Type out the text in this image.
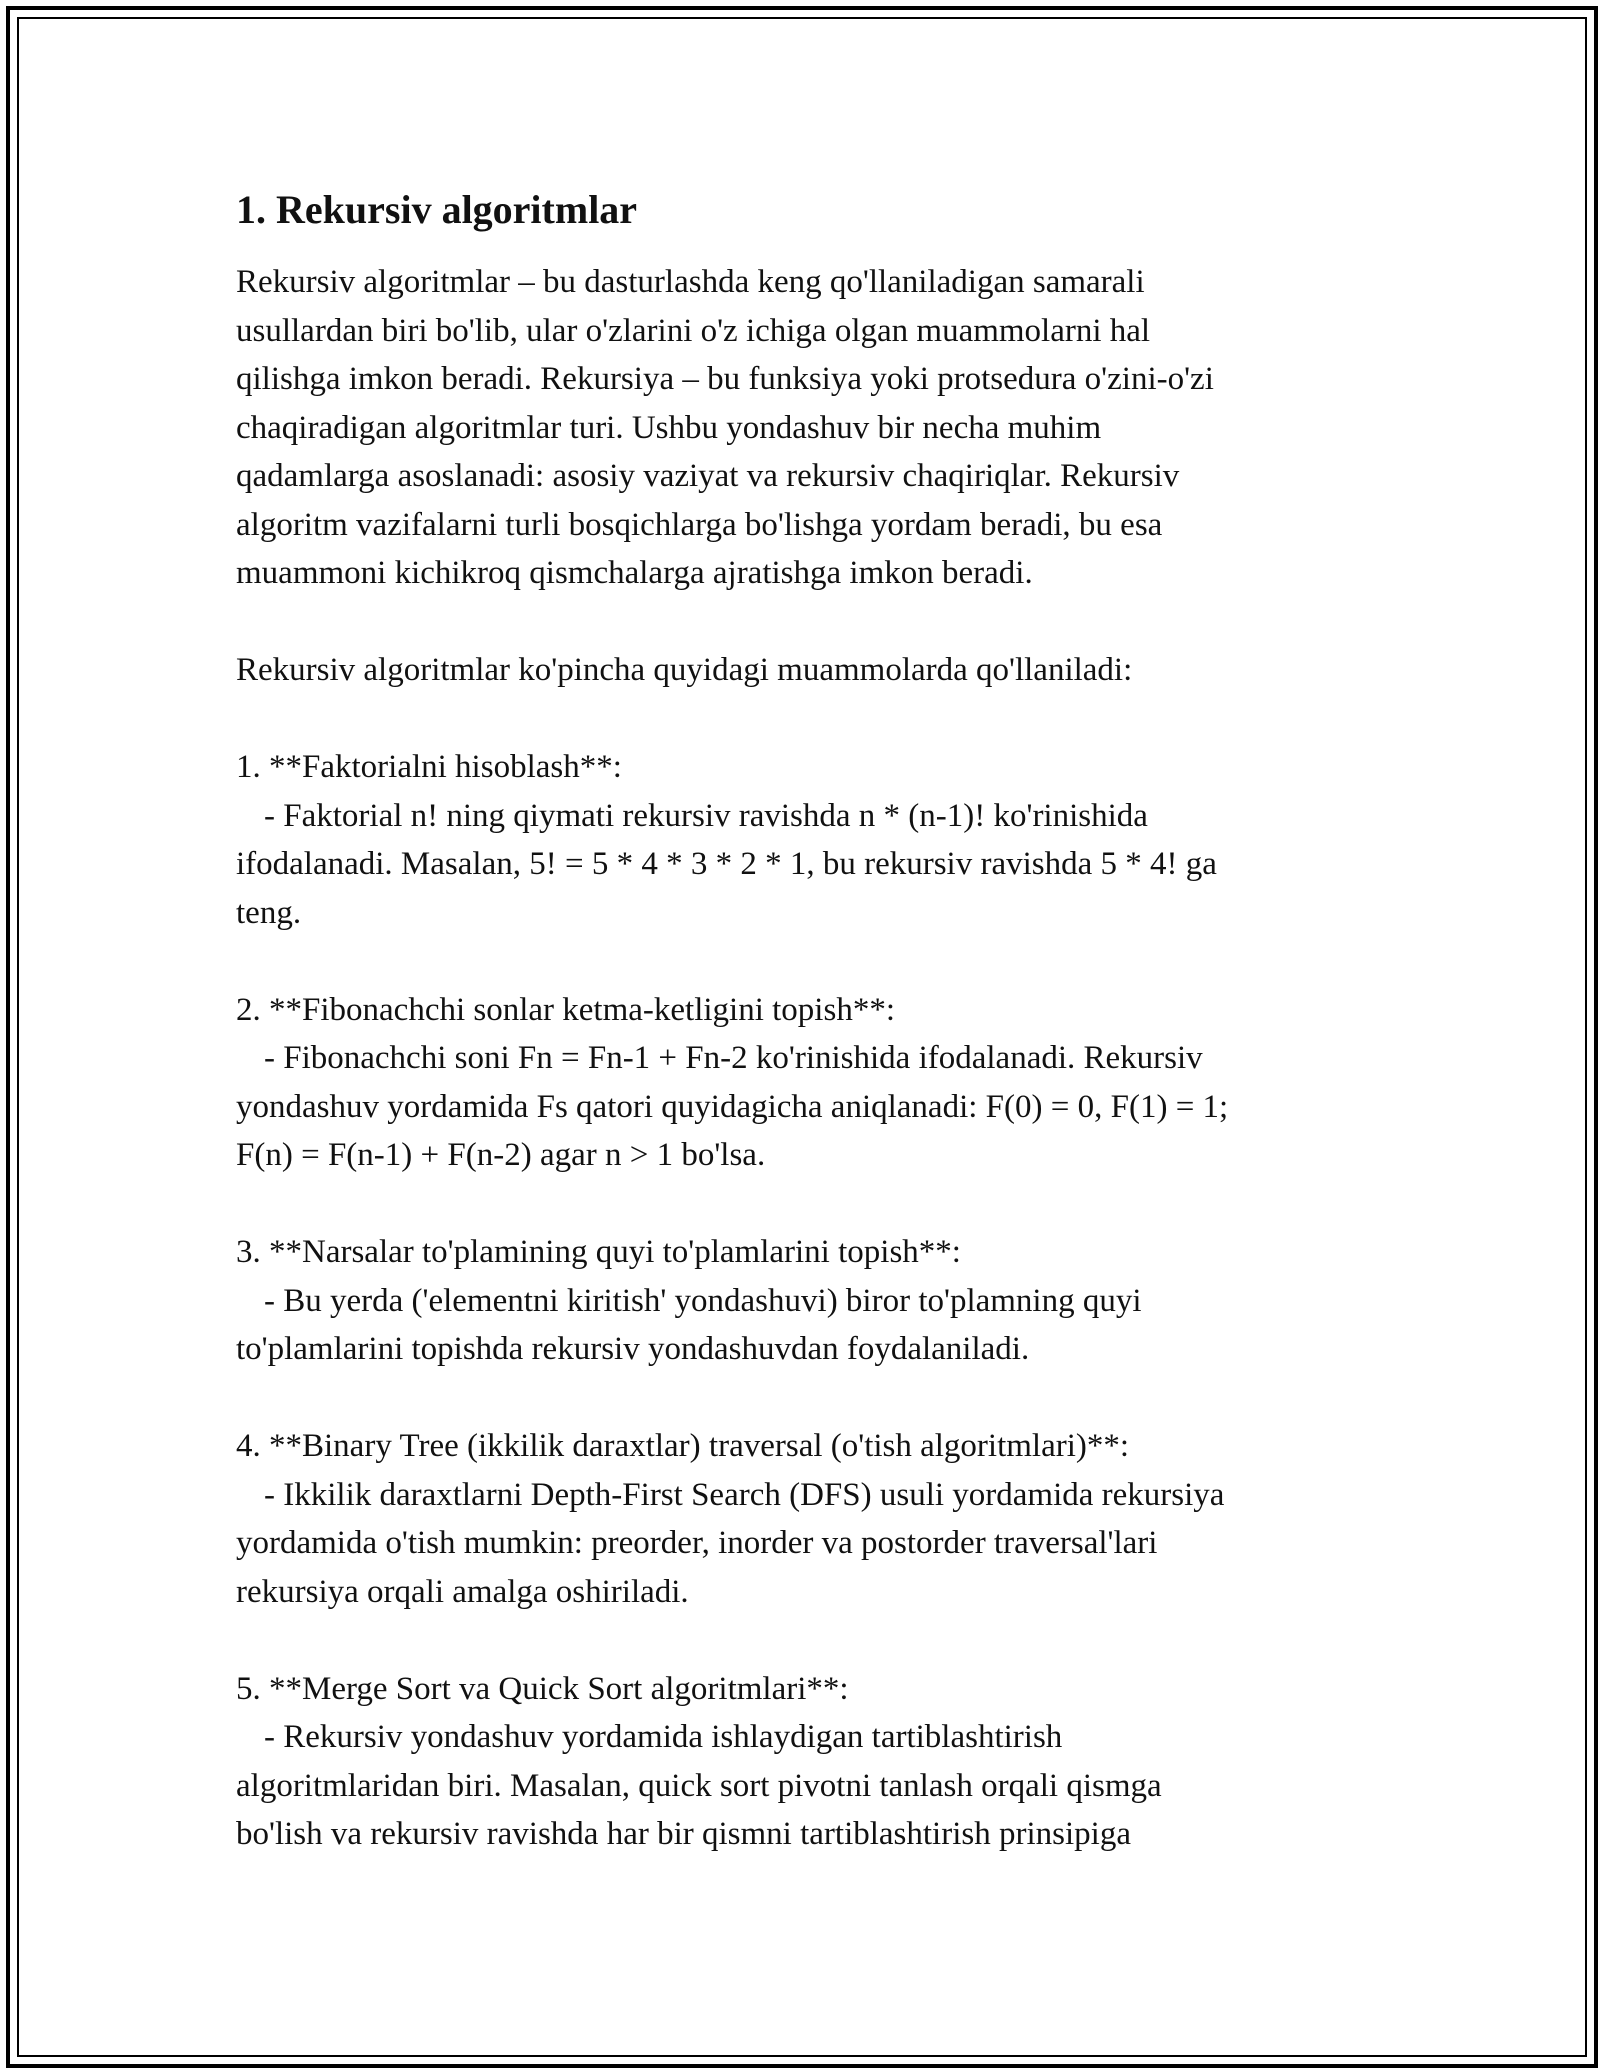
1. Rekursiv algoritmlar

Rekursiv algoritmlar – bu dasturlashda keng qo'llaniladigan samarali

usullardan biri bo'lib, ular o'zlarini o'z ichiga olgan muammolarni hal

qilishga imkon beradi. Rekursiya – bu funksiya yoki protsedura o'zini-o'zi

chaqiradigan algoritmlar turi. Ushbu yondashuv bir necha muhim

qadamlarga asoslanadi: asosiy vaziyat va rekursiv chaqiriqlar. Rekursiv

algoritm vazifalarni turli bosqichlarga bo'lishga yordam beradi, bu esa

muammoni kichikroq qismchalarga ajratishga imkon beradi.

Rekursiv algoritmlar ko'pincha quyidagi muammolarda qo'llaniladi:

1. **Faktorialni hisoblash**:

- Faktorial n! ning qiymati rekursiv ravishda n * (n-1)! ko'rinishida

ifodalanadi. Masalan, 5! = 5 * 4 * 3 * 2 * 1, bu rekursiv ravishda 5 * 4! ga

teng.

2. **Fibonachchi sonlar ketma-ketligini topish**:

- Fibonachchi soni Fn = Fn-1 + Fn-2 ko'rinishida ifodalanadi. Rekursiv

yondashuv yordamida Fs qatori quyidagicha aniqlanadi: F(0) = 0, F(1) = 1;

F(n) = F(n-1) + F(n-2) agar n > 1 bo'lsa.

3. **Narsalar to'plamining quyi to'plamlarini topish**:

- Bu yerda ('elementni kiritish' yondashuvi) biror to'plamning quyi

to'plamlarini topishda rekursiv yondashuvdan foydalaniladi.

4. **Binary Tree (ikkilik daraxtlar) traversal (o'tish algoritmlari)**:

- Ikkilik daraxtlarni Depth-First Search (DFS) usuli yordamida rekursiya

yordamida o'tish mumkin: preorder, inorder va postorder traversal'lari

rekursiya orqali amalga oshiriladi.

5. **Merge Sort va Quick Sort algoritmlari**:

- Rekursiv yondashuv yordamida ishlaydigan tartiblashtirish

algoritmlaridan biri. Masalan, quick sort pivotni tanlash orqali qismga

bo'lish va rekursiv ravishda har bir qismni tartiblashtirish prinsipiga
